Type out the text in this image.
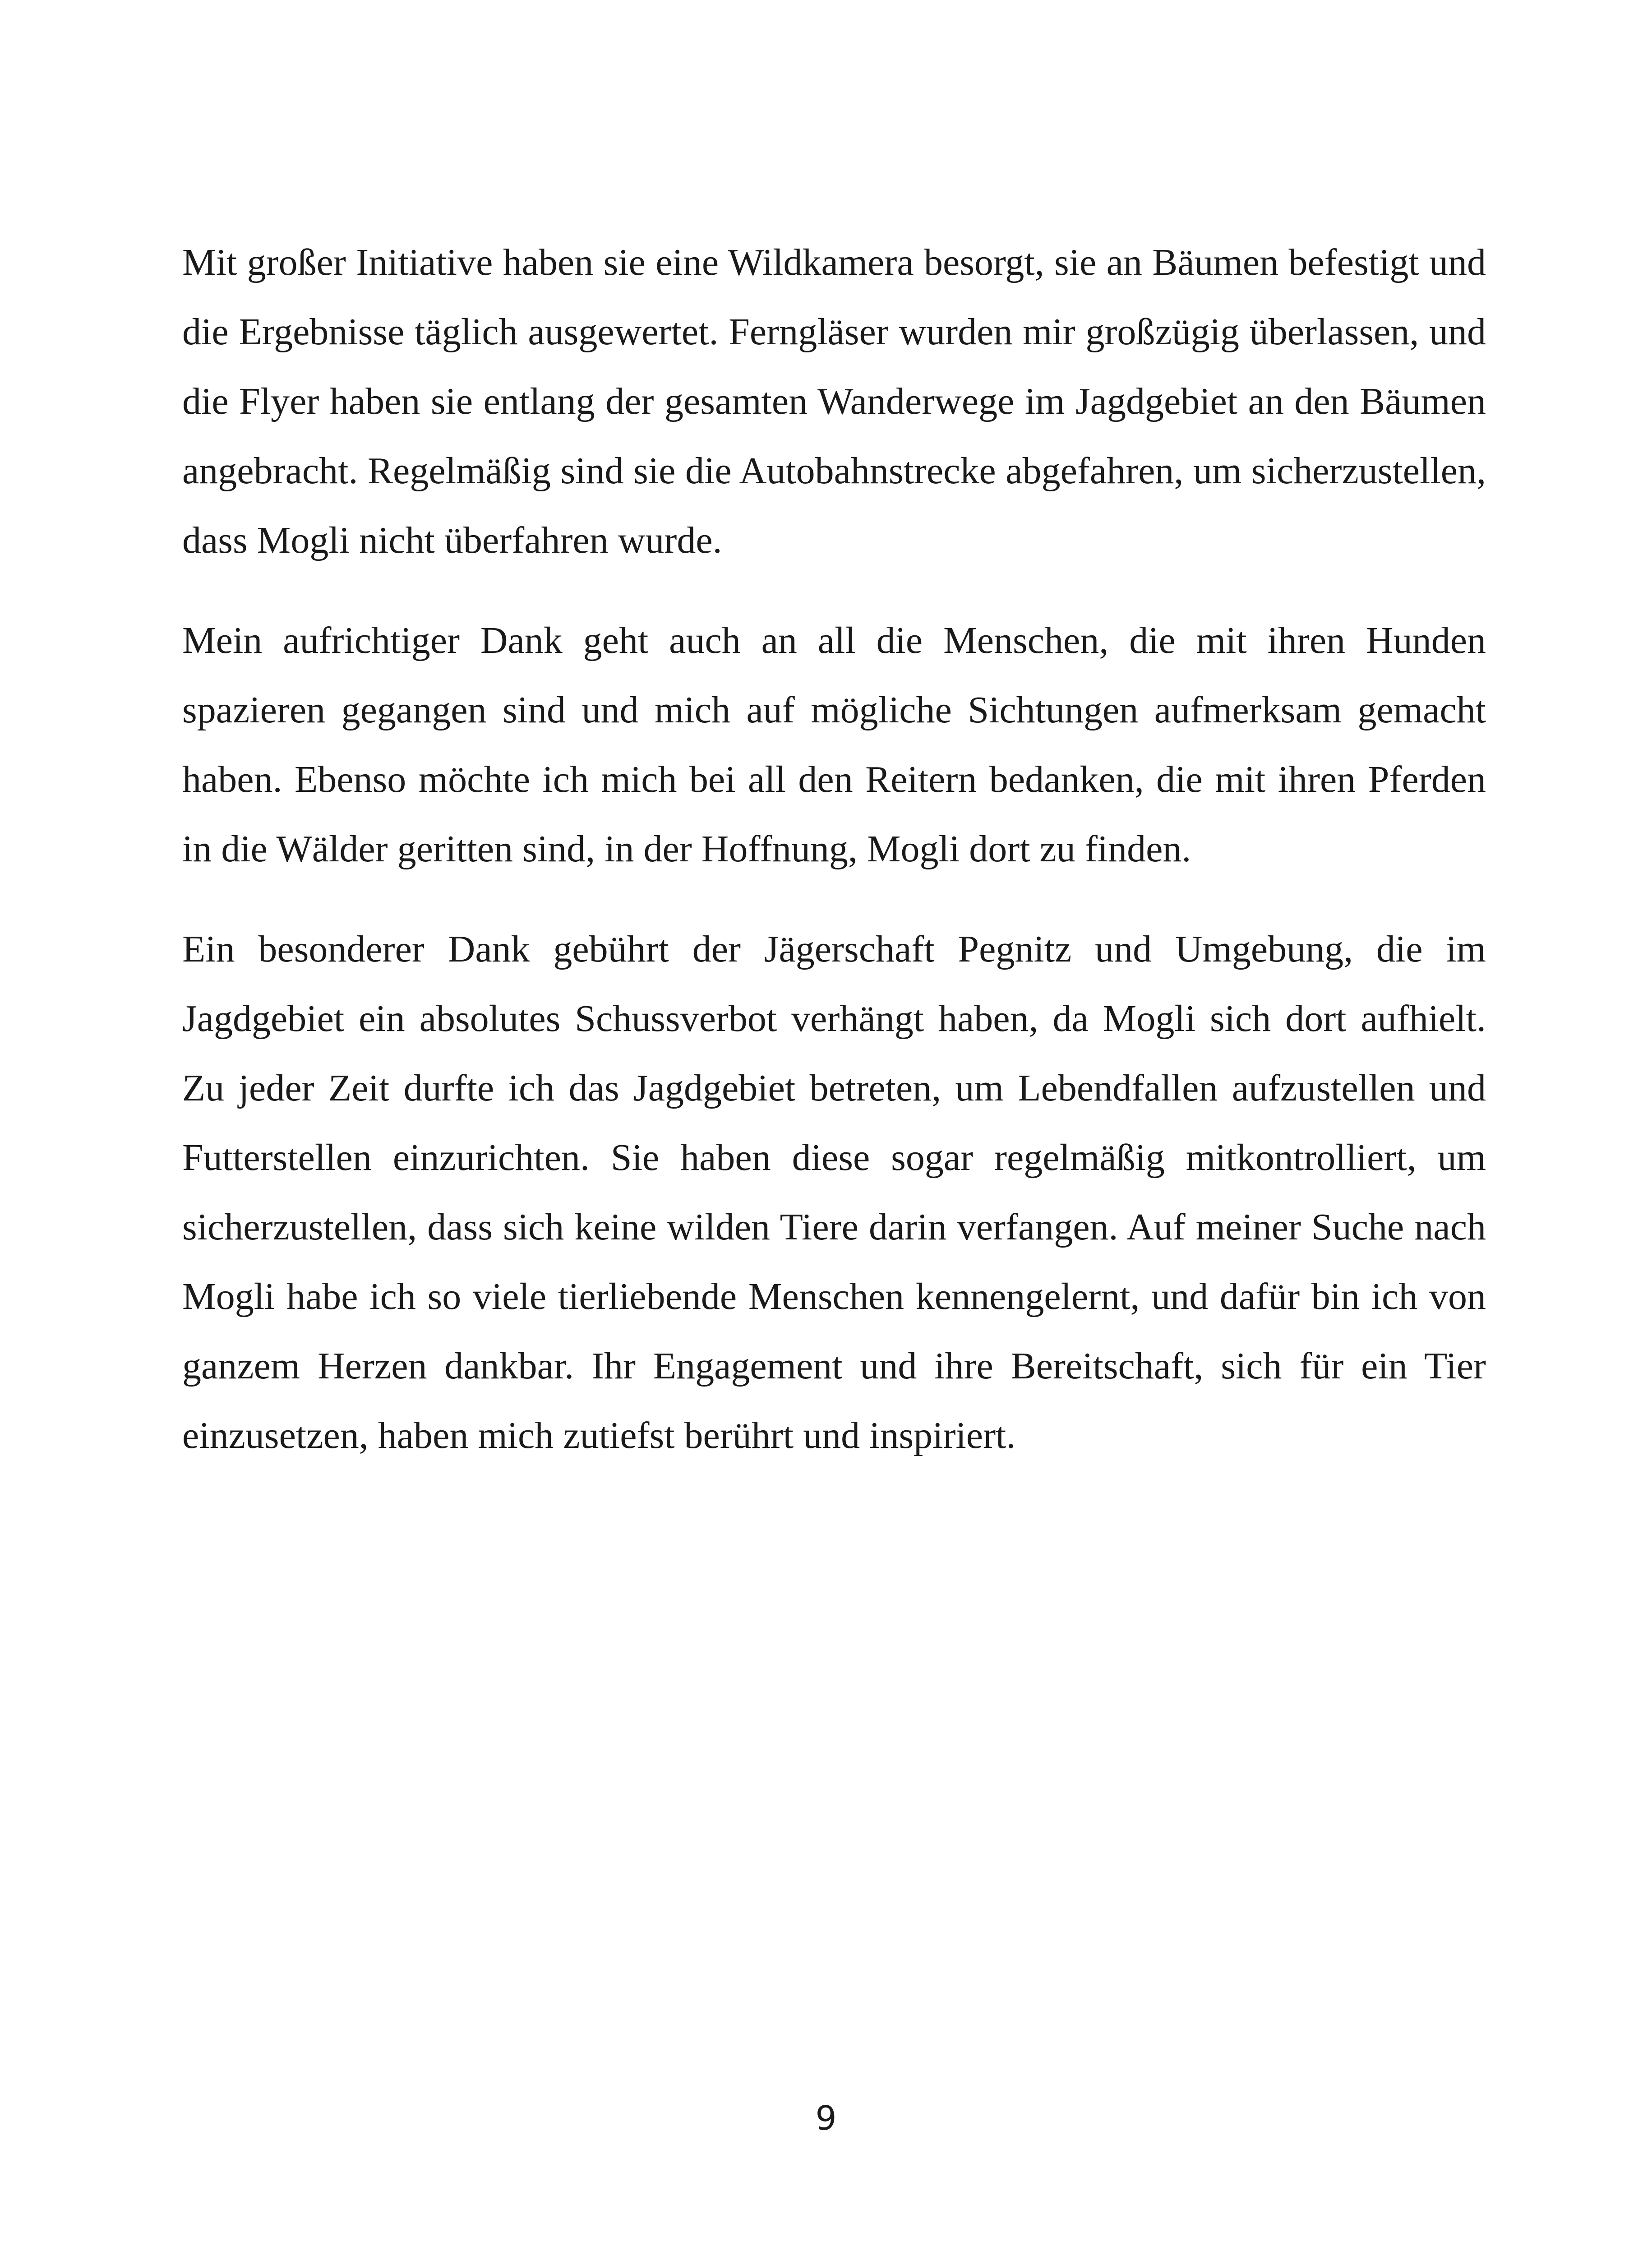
Mit großer Initiative haben sie eine Wildkamera besorgt, sie an Bäumen befestigt und die Ergebnisse täglich ausgewertet. Ferngläser wurden mir großzügig überlassen, und die Flyer haben sie entlang der gesamten Wanderwege im Jagdgebiet an den Bäumen angebracht. Regelmäßig sind sie die Autobahnstrecke abgefahren, um sicherzustellen, dass Mogli nicht überfahren wurde.

Mein aufrichtiger Dank geht auch an all die Menschen, die mit ihren Hunden spazieren gegangen sind und mich auf mögliche Sichtungen aufmerksam gemacht haben. Ebenso möchte ich mich bei all den Reitern bedanken, die mit ihren Pferden in die Wälder geritten sind, in der Hoffnung, Mogli dort zu finden.

Ein besonderer Dank gebührt der Jägerschaft Pegnitz und Umgebung, die im Jagdgebiet ein absolutes Schussverbot verhängt haben, da Mogli sich dort aufhielt. Zu jeder Zeit durfte ich das Jagdgebiet betreten, um Lebendfallen aufzustellen und Futterstellen einzurichten. Sie haben diese sogar regelmäßig mitkontrolliert, um sicherzustellen, dass sich keine wilden Tiere darin verfangen. Auf meiner Suche nach Mogli habe ich so viele tierliebende Menschen kennengelernt, und dafür bin ich von ganzem Herzen dankbar. Ihr Engagement und ihre Bereitschaft, sich für ein Tier einzusetzen, haben mich zutiefst berührt und inspiriert.

9
